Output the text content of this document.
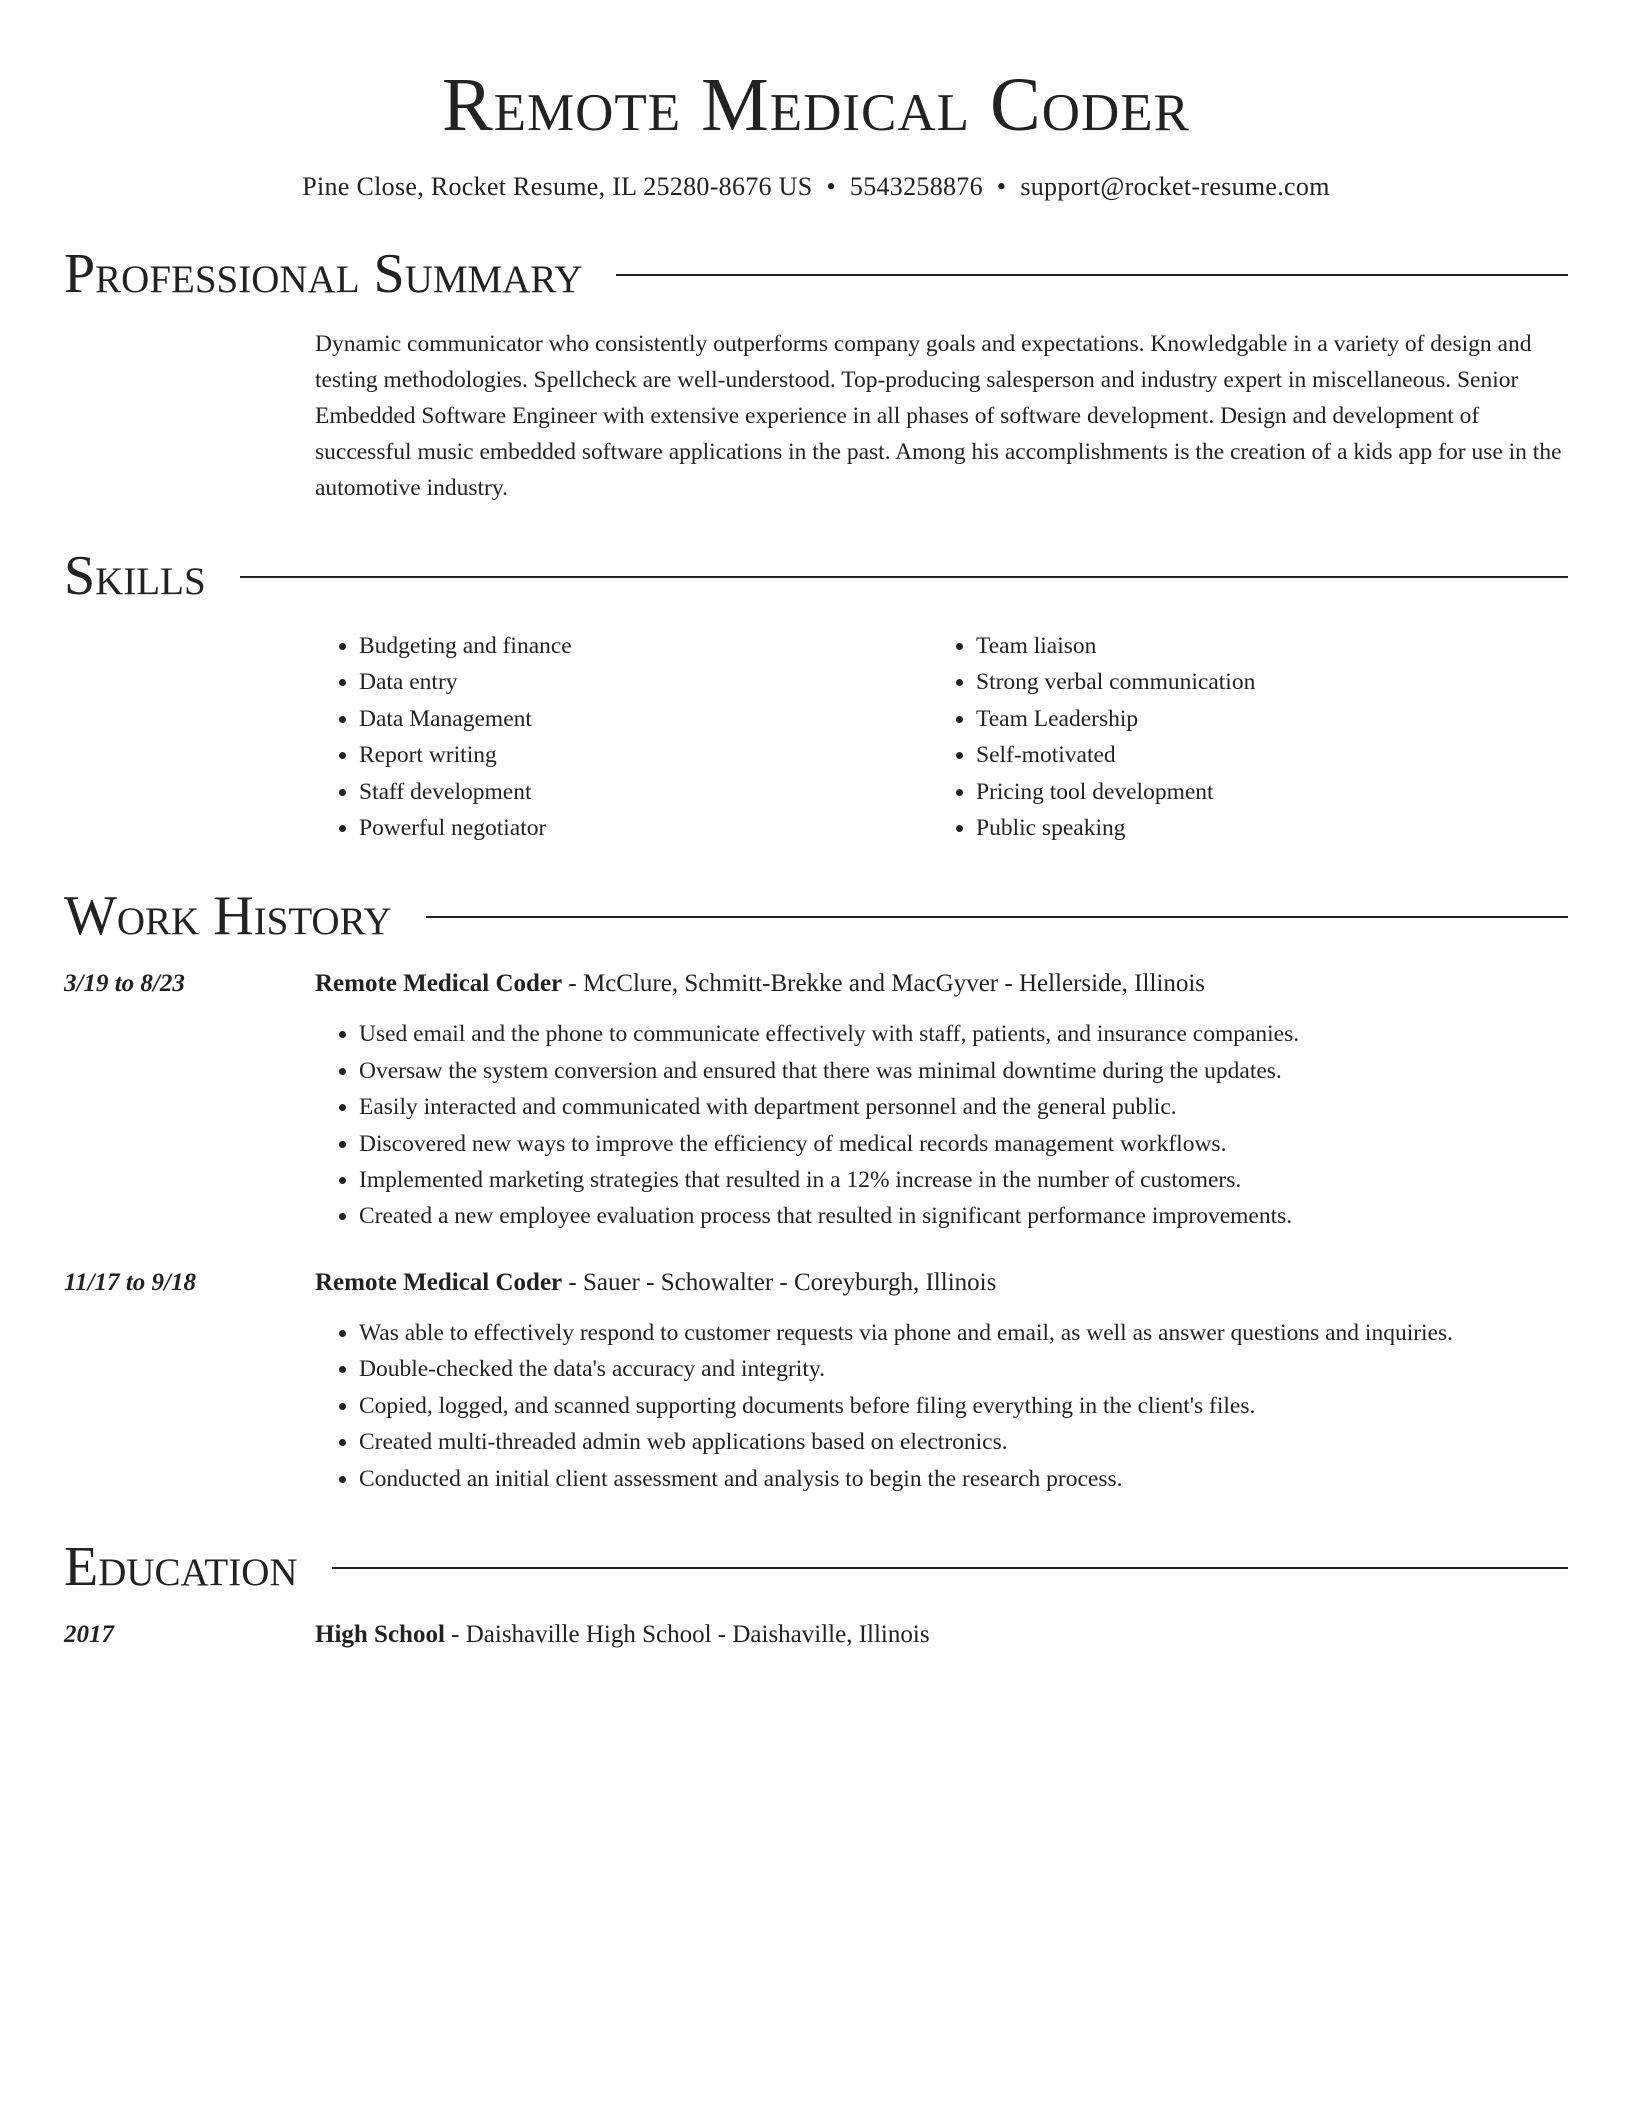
Remote Medical Coder
Pine Close, Rocket Resume, IL 25280-8676 US • 5543258876 • support@rocket-resume.com
Professional Summary
Dynamic communicator who consistently outperforms company goals and expectations. Knowledgable in a variety of design and testing methodologies. Spellcheck are well-understood. Top-producing salesperson and industry expert in miscellaneous. Senior Embedded Software Engineer with extensive experience in all phases of software development. Design and development of successful music embedded software applications in the past. Among his accomplishments is the creation of a kids app for use in the automotive industry.
Skills
• Budgeting and finance
• Data entry
• Data Management
• Report writing
• Staff development
• Powerful negotiator
• Team liaison
• Strong verbal communication
• Team Leadership
• Self-motivated
• Pricing tool development
• Public speaking
Work History
3/19 to 8/23	Remote Medical Coder - McClure, Schmitt-Brekke and MacGyver - Hellerside, Illinois
• Used email and the phone to communicate effectively with staff, patients, and insurance companies.
• Oversaw the system conversion and ensured that there was minimal downtime during the updates.
• Easily interacted and communicated with department personnel and the general public.
• Discovered new ways to improve the efficiency of medical records management workflows.
• Implemented marketing strategies that resulted in a 12% increase in the number of customers.
• Created a new employee evaluation process that resulted in significant performance improvements.
11/17 to 9/18	Remote Medical Coder - Sauer - Schowalter - Coreyburgh, Illinois
• Was able to effectively respond to customer requests via phone and email, as well as answer questions and inquiries.
• Double-checked the data's accuracy and integrity.
• Copied, logged, and scanned supporting documents before filing everything in the client's files.
• Created multi-threaded admin web applications based on electronics.
• Conducted an initial client assessment and analysis to begin the research process.
Education
2017	High School - Daishaville High School - Daishaville, Illinois
